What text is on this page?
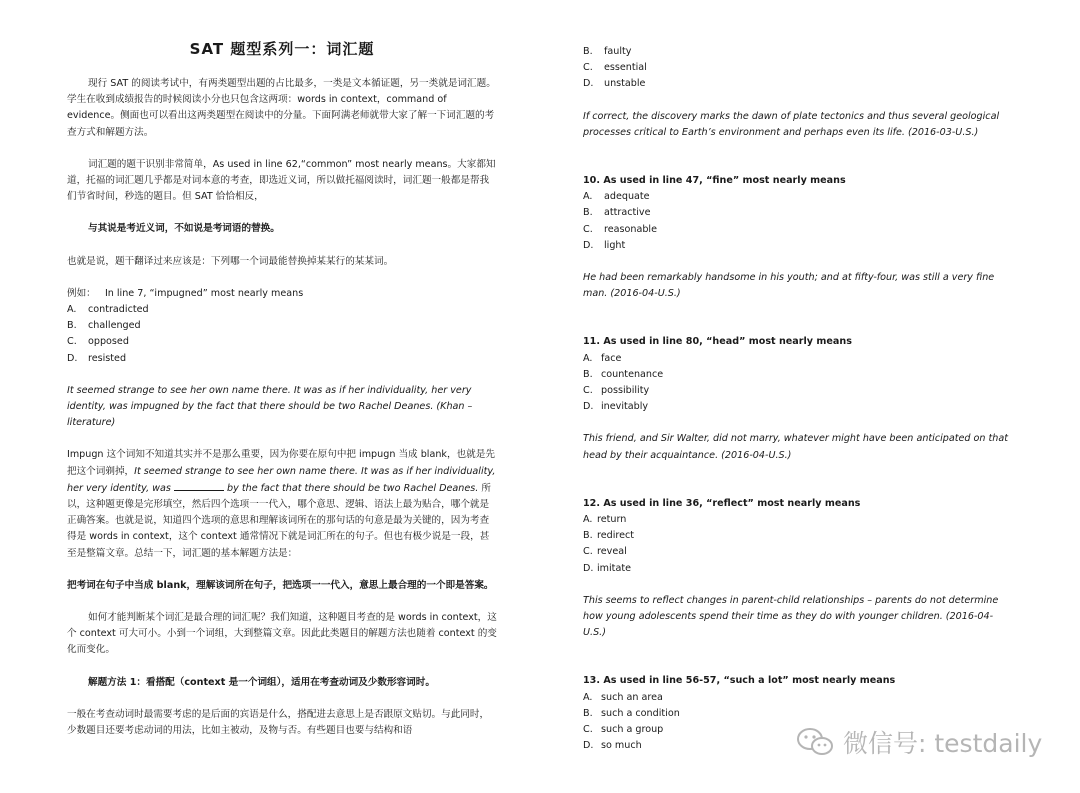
SAT 题型系列一：词汇题

现行 SAT 的阅读考试中，有两类题型出题的占比最多，一类是文本循证题，另一类就是词汇题。学生在收到成绩报告的时候阅读小分也只包含这两项：words in context，command of evidence。侧面也可以看出这两类题型在阅读中的分量。下面阿满老师就带大家了解一下词汇题的考查方式和解题方法。

词汇题的题干识别非常简单，As used in line 62,“common” most nearly means。大家都知道，托福的词汇题几乎都是对词本意的考查，即选近义词，所以做托福阅读时，词汇题一般都是帮我们节省时间，秒选的题目。但 SAT 恰恰相反，

与其说是考近义词，不如说是考词语的替换。

也就是说，题干翻译过来应该是：下列哪一个词最能替换掉某某行的某某词。

例如： In line 7, “impugned” most nearly means

A.	contradicted
B.	challenged
C.	opposed
D.	resisted

It seemed strange to see her own name there. It was as if her individuality, her very identity, was impugned by the fact that there should be two Rachel Deanes. (Khan –literature)

Impugn 这个词知不知道其实并不是那么重要，因为你要在原句中把 impugn 当成 blank，也就是先把这个词剃掉，It seemed strange to see her own name there. It was as if her individuality, her very identity, was	by the fact that there should be two Rachel Deanes. 所以，这种题更像是完形填空，然后四个选项一一代入，哪个意思、逻辑、语法上最为贴合，哪个就是正确答案。也就是说，知道四个选项的意思和理解该词所在的那句话的句意是最为关键的，因为考查得是 words in context，这个 context 通常情况下就是词汇所在的句子。但也有极少说是一段，甚至是整篇文章。总结一下，词汇题的基本解题方法是：

把考词在句子中当成 blank，理解该词所在句子，把选项一一代入，意思上最合理的一个即是答案。

如何才能判断某个词汇是最合理的词汇呢？我们知道，这种题目考查的是 words in context，这个 context 可大可小。小到一个词组，大到整篇文章。因此此类题目的解题方法也随着 context 的变化而变化。

解题方法 1：看搭配（context 是一个词组），适用在考查动词及少数形容词时。

一般在考查动词时最需要考虑的是后面的宾语是什么，搭配进去意思上是否跟原文贴切。与此同时，少数题目还要考虑动词的用法，比如主被动，及物与否。有些题目也要与结构和语

B.	faulty
C.	essential
D.	unstable

If correct, the discovery marks the dawn of plate tectonics and thus several geological processes critical to Earth’s environment and perhaps even its life. (2016-03-U.S.)

10. As used in line 47, “fine” most nearly means

A.	adequate
B.	attractive
C.	reasonable
D.	light

He had been remarkably handsome in his youth; and at fifty-four, was still a very fine man. (2016-04-U.S.)

11. As used in line 80, “head” most nearly means

A. face
B. countenance
C. possibility
D. inevitably

This friend, and Sir Walter, did not marry, whatever might have been anticipated on that head by their acquaintance. (2016-04-U.S.)

12. As used in line 36, “reflect” most nearly means

A. return
B. redirect
C. reveal
D. imitate

This seems to reflect changes in parent-child relationships – parents do not determine how young adolescents spend their time as they do with younger children. (2016-04-U.S.)

13. As used in line 56-57, “such a lot” most nearly means

A. such an area
B. such a condition
C. such a group
D. so much	微信号: testdaily
